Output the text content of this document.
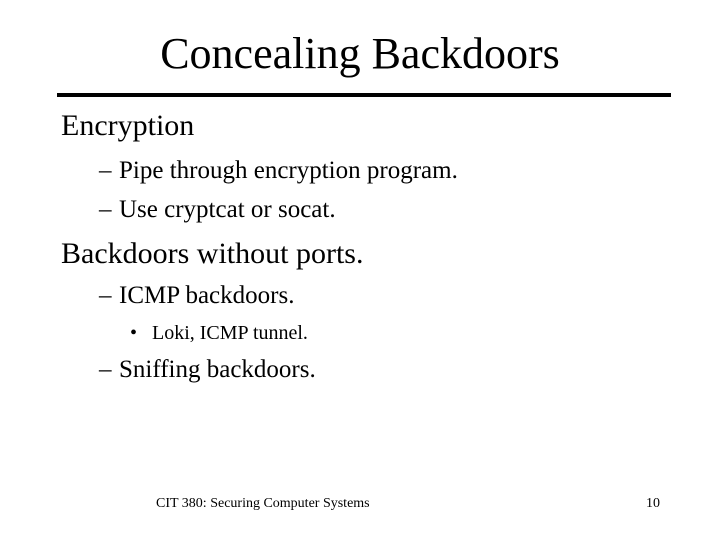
Concealing Backdoors
Encryption
– Pipe through encryption program.
– Use cryptcat or socat.
Backdoors without ports.
– ICMP backdoors.
• Loki, ICMP tunnel.
– Sniffing backdoors.
CIT 380: Securing Computer Systems	10
